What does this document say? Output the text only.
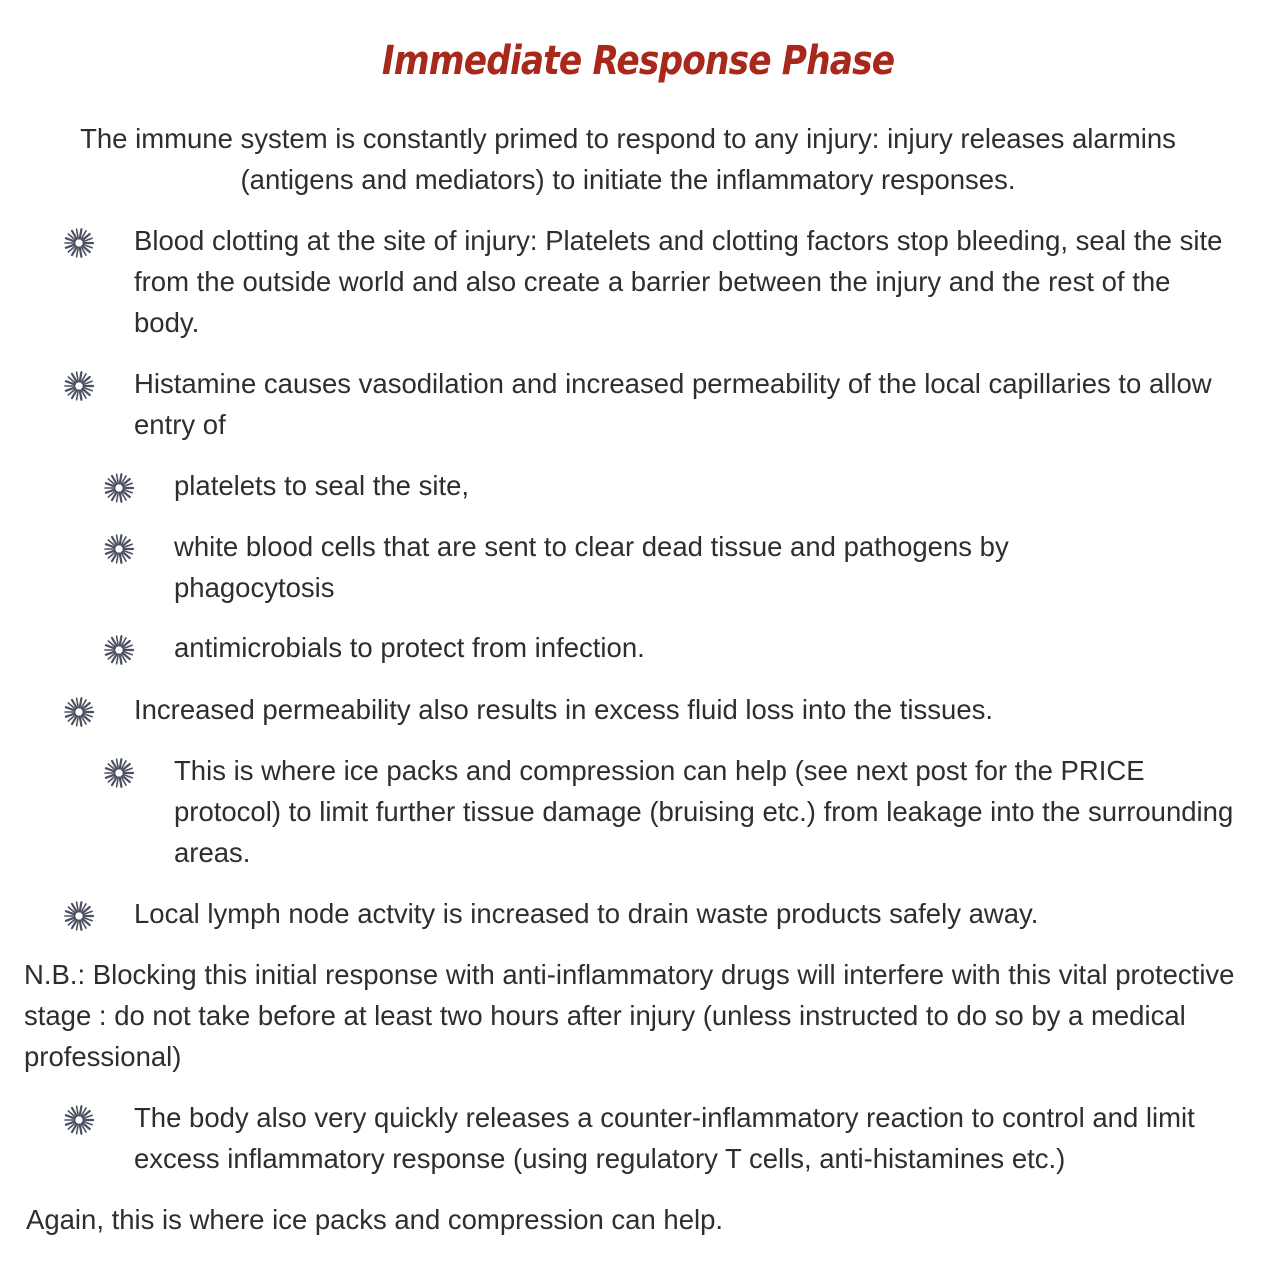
Immediate Response Phase
The immune system is constantly primed to respond to any injury: injury releases alarmins (antigens and mediators) to initiate the inflammatory responses.
Blood clotting at the site of injury: Platelets and clotting factors stop bleeding, seal the site from the outside world and also create a barrier between the injury and the rest of the body.
Histamine causes vasodilation and increased permeability of the local capillaries to allow entry of
platelets to seal the site,
white blood cells that are sent to clear dead tissue and pathogens by phagocytosis
antimicrobials to protect from infection.
Increased permeability also results in excess fluid loss into the tissues.
This is where ice packs and compression can help (see next post for the PRICE protocol) to limit further tissue damage (bruising etc.) from leakage into the surrounding areas.
Local lymph node actvity is increased to drain waste products safely away.
N.B.: Blocking this initial response with anti-inflammatory drugs will interfere with this vital protective stage : do not take before at least two hours after injury (unless instructed to do so by a medical professional)
The body also very quickly releases a counter-inflammatory reaction to control and limit excess inflammatory response (using regulatory T cells, anti-histamines etc.)
Again, this is where ice packs and compression can help.
